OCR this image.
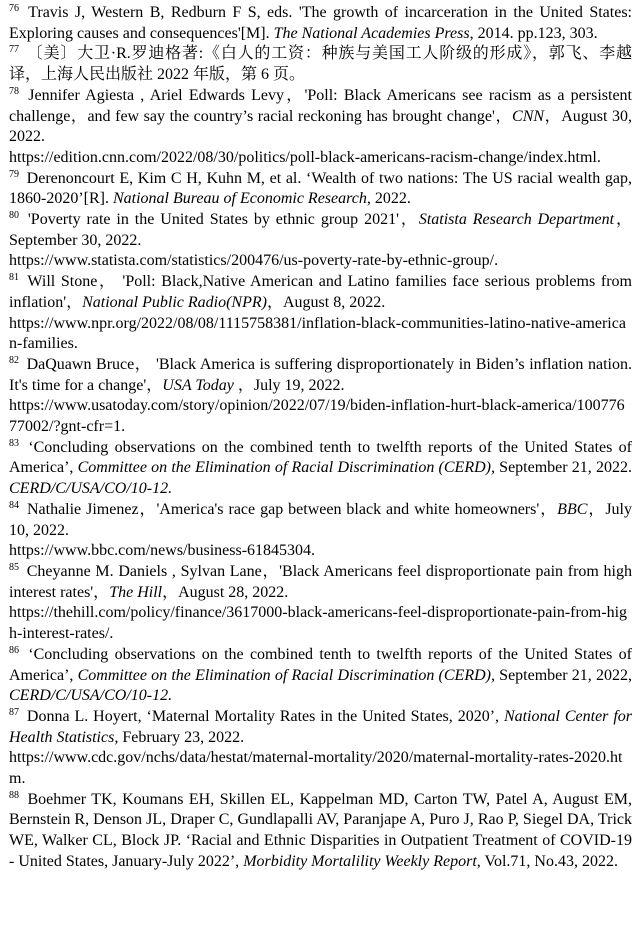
$^{76}$ Travis J, Western B, Redburn F S, eds. 'The growth of incarceration in the United States: Exploring causes and consequences'[M]. The National Academies Press, 2014. pp.123, 303.

$^{77}$ 〔美〕大卫·R.罗迪格著:《白人的工资：种族与美国工人阶级的形成》，郭飞、李越译，上海人民出版社 2022 年版，第 6 页。

$^{78}$ Jennifer Agiesta , Ariel Edwards Levy，'Poll: Black Americans see racism as a persistent challenge，and few say the country’s racial reckoning has brought change'，CNN，August 30, 2022.
https://edition.cnn.com/2022/08/30/politics/poll-black-americans-racism-change/index.html.

$^{79}$ Derenoncourt E, Kim C H, Kuhn M, et al. ‘Wealth of two nations: The US racial wealth gap, 1860-2020’[R]. National Bureau of Economic Research, 2022.

$^{80}$ 'Poverty rate in the United States by ethnic group 2021'，Statista Research Department，September 30, 2022.
https://www.statista.com/statistics/200476/us-poverty-rate-by-ethnic-group/.

$^{81}$ Will Stone， 'Poll: Black,Native American and Latino families face serious problems from inflation'，National Public Radio(NPR)，August 8, 2022.
https://www.npr.org/2022/08/08/1115758381/inflation-black-communities-latino-native-american-families.

$^{82}$ DaQuawn Bruce， 'Black America is suffering disproportionately in Biden’s inflation nation. It's time for a change'，USA Today ，July 19, 2022.
https://www.usatoday.com/story/opinion/2022/07/19/biden-inflation-hurt-black-america/10077677002/?gnt-cfr=1.

$^{83}$ ‘Concluding observations on the combined tenth to twelfth reports of the United States of America’, Committee on the Elimination of Racial Discrimination (CERD), September 21, 2022. CERD/C/USA/CO/10-12.

$^{84}$ Nathalie Jimenez，'America's race gap between black and white homeowners'，BBC，July 10, 2022.
https://www.bbc.com/news/business-61845304.

$^{85}$ Cheyanne M. Daniels , Sylvan Lane，'Black Americans feel disproportionate pain from high interest rates'，The Hill，August 28, 2022.
https://thehill.com/policy/finance/3617000-black-americans-feel-disproportionate-pain-from-high-interest-rates/.

$^{86}$ ‘Concluding observations on the combined tenth to twelfth reports of the United States of America’, Committee on the Elimination of Racial Discrimination (CERD), September 21, 2022, CERD/C/USA/CO/10-12.

$^{87}$ Donna L. Hoyert, ‘Maternal Mortality Rates in the United States, 2020’, National Center for Health Statistics, February 23, 2022.
https://www.cdc.gov/nchs/data/hestat/maternal-mortality/2020/maternal-mortality-rates-2020.htm.

$^{88}$ Boehmer TK, Koumans EH, Skillen EL, Kappelman MD, Carton TW, Patel A, August EM, Bernstein R, Denson JL, Draper C, Gundlapalli AV, Paranjape A, Puro J, Rao P, Siegel DA, Trick WE, Walker CL, Block JP. ‘Racial and Ethnic Disparities in Outpatient Treatment of COVID-19 - United States, January-July 2022’, Morbidity Mortalility Weekly Report, Vol.71, No.43, 2022.
